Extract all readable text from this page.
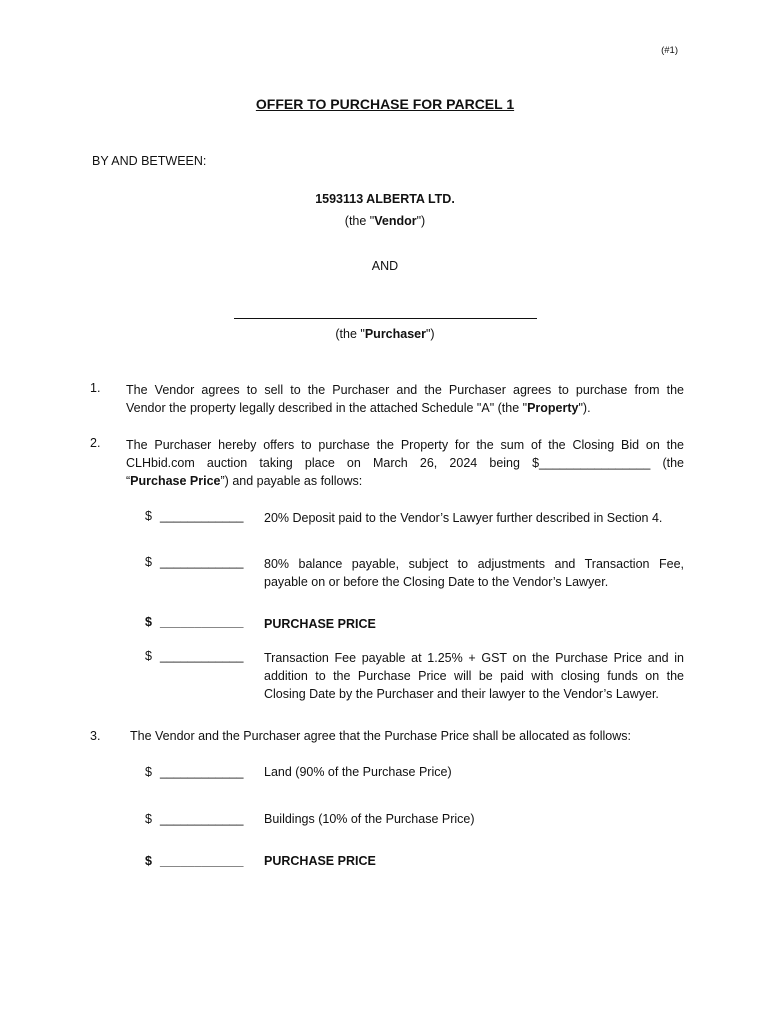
(#1)
OFFER TO PURCHASE FOR PARCEL 1
BY AND BETWEEN:
1593113 ALBERTA LTD.
(the "Vendor")
AND
(the "Purchaser")
1. The Vendor agrees to sell to the Purchaser and the Purchaser agrees to purchase from the
Vendor the property legally described in the attached Schedule "A" (the "Property").
2. The Purchaser hereby offers to purchase the Property for the sum of the Closing Bid on the
CLHbid.com auction taking place on March 26, 2024 being $________________ (the
“Purchase Price”) and payable as follows:
$ ____________ 20% Deposit paid to the Vendor’s Lawyer further described in Section 4.
$ ____________ 80% balance payable, subject to adjustments and Transaction Fee,
payable on or before the Closing Date to the Vendor’s Lawyer.
$ ____________ PURCHASE PRICE
$ ____________ Transaction Fee payable at 1.25% + GST on the Purchase Price and in
addition to the Purchase Price will be paid with closing funds on the
Closing Date by the Purchaser and their lawyer to the Vendor’s Lawyer.
3. The Vendor and the Purchaser agree that the Purchase Price shall be allocated as follows:
$ ____________ Land (90% of the Purchase Price)
$ ____________ Buildings (10% of the Purchase Price)
$ ____________ PURCHASE PRICE
